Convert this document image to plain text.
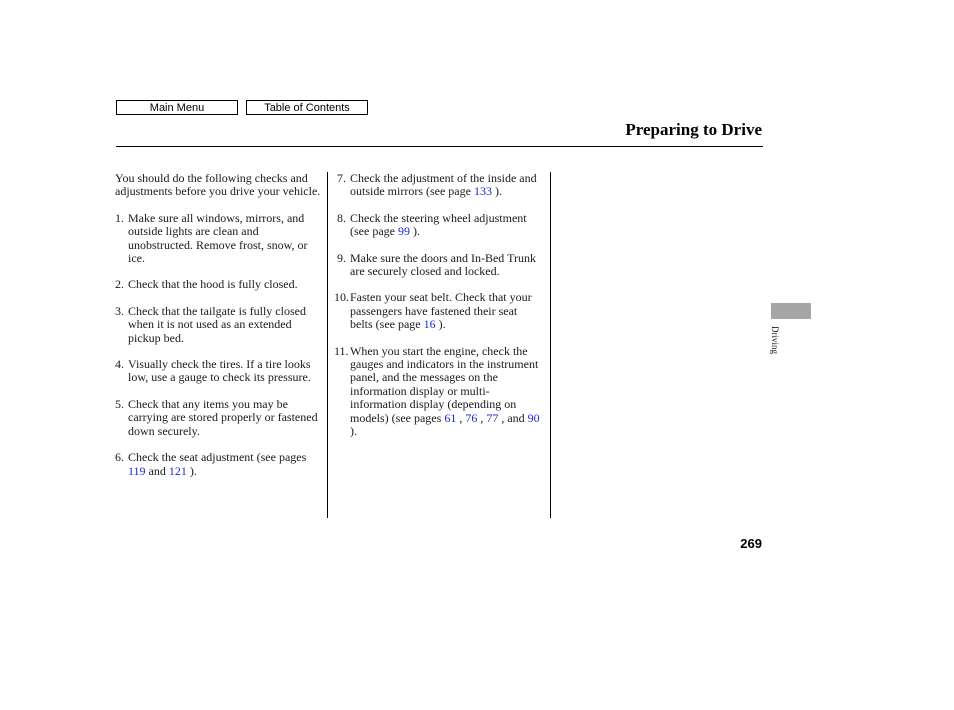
Main Menu	Table of Contents
Preparing to Drive

You should do the following checks and adjustments before you drive your vehicle.

1. Make sure all windows, mirrors, and outside lights are clean and unobstructed. Remove frost, snow, or ice.
2. Check that the hood is fully closed.
3. Check that the tailgate is fully closed when it is not used as an extended pickup bed.
4. Visually check the tires. If a tire looks low, use a gauge to check its pressure.
5. Check that any items you may be carrying are stored properly or fastened down securely.
6. Check the seat adjustment (see pages 119 and 121 ).
7. Check the adjustment of the inside and outside mirrors (see page 133 ).
8. Check the steering wheel adjustment (see page 99 ).
9. Make sure the doors and In-Bed Trunk are securely closed and locked.
10. Fasten your seat belt. Check that your passengers have fastened their seat belts (see page 16 ).
11. When you start the engine, check the gauges and indicators in the instrument panel, and the messages on the information display or multi-information display (depending on models) (see pages 61 , 76 , 77 , and 90 ).
Driving
269
